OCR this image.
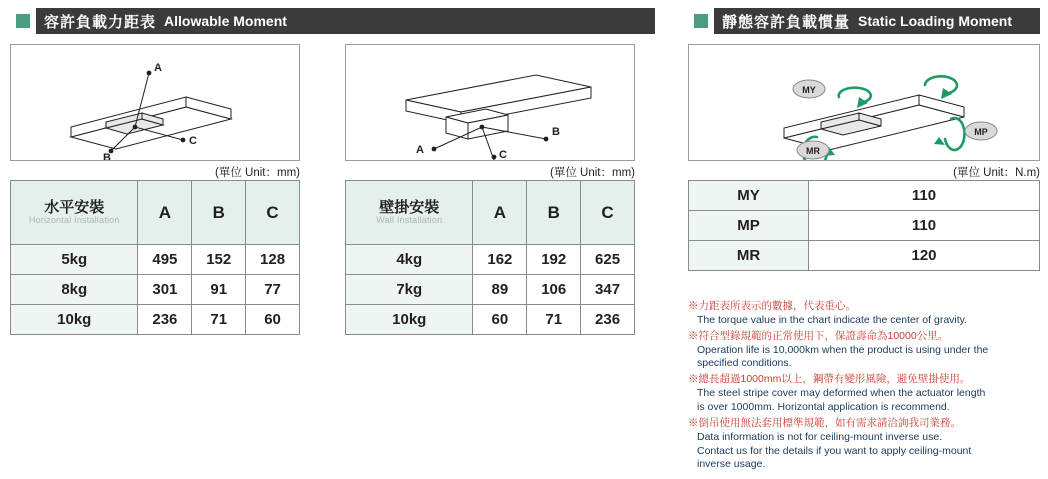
容許負載力距表 Allowable Moment
A
B
C
(單位 Unit：mm)
水平安裝
Horizontal Installation	A	B	C
5kg	495	152	128
8kg	301	91	77
10kg	236	71	60
A
B
C
(單位 Unit：mm)
壁掛安裝
Wall Installation	A	B	C
4kg	162	192	625
7kg	89	106	347
10kg	60	71	236
靜態容許負載慣量 Static Loading Moment
MY
MP
MR
(單位 Unit：N.m)
MY	110
MP	110
MR	120
※力距表所表示的數據，代表重心。
The torque value in the chart indicate the center of gravity.
※符合型錄規範的正常使用下，保證壽命為10000公里。
Operation life is 10,000km when the product is using under the
specified conditions.
※總長超過1000mm以上，鋼帶有變形風險，避免壁掛使用。
The steel stripe cover may deformed when the actuator length
is over 1000mm. Horizontal application is recommend.
※倒吊使用無法套用標準規範，如有需求請洽詢我司業務。
Data information is not for ceiling-mount inverse use.
Contact us for the details if you want to apply ceiling-mount
inverse usage.
